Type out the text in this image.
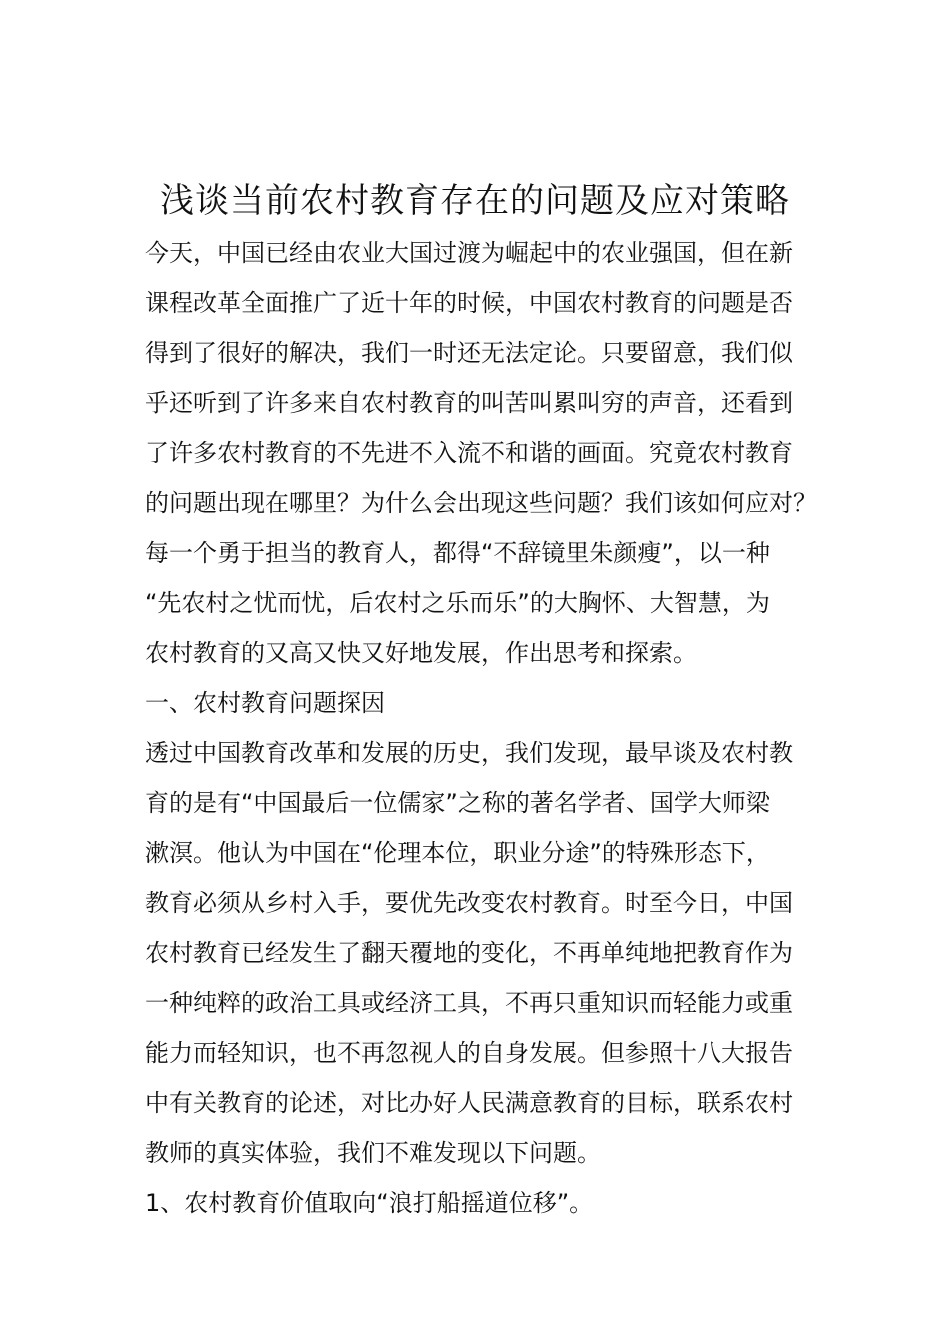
浅谈当前农村教育存在的问题及应对策略
今天，中国已经由农业大国过渡为崛起中的农业强国，但在新
课程改革全面推广了近十年的时候，中国农村教育的问题是否
得到了很好的解决，我们一时还无法定论。只要留意，我们似
乎还听到了许多来自农村教育的叫苦叫累叫穷的声音，还看到
了许多农村教育的不先进不入流不和谐的画面。究竟农村教育
的问题出现在哪里？为什么会出现这些问题？我们该如何应对？
每一个勇于担当的教育人，都得“不辞镜里朱颜瘦”，以一种
“先农村之忧而忧，后农村之乐而乐”的大胸怀、大智慧，为
农村教育的又高又快又好地发展，作出思考和探索。
一、农村教育问题探因
透过中国教育改革和发展的历史，我们发现，最早谈及农村教
育的是有“中国最后一位儒家”之称的著名学者、国学大师梁
漱溟。他认为中国在“伦理本位，职业分途”的特殊形态下，
教育必须从乡村入手，要优先改变农村教育。时至今日，中国
农村教育已经发生了翻天覆地的变化，不再单纯地把教育作为
一种纯粹的政治工具或经济工具，不再只重知识而轻能力或重
能力而轻知识，也不再忽视人的自身发展。但参照十八大报告
中有关教育的论述，对比办好人民满意教育的目标，联系农村
教师的真实体验，我们不难发现以下问题。
1、农村教育价值取向“浪打船摇道位移”。
